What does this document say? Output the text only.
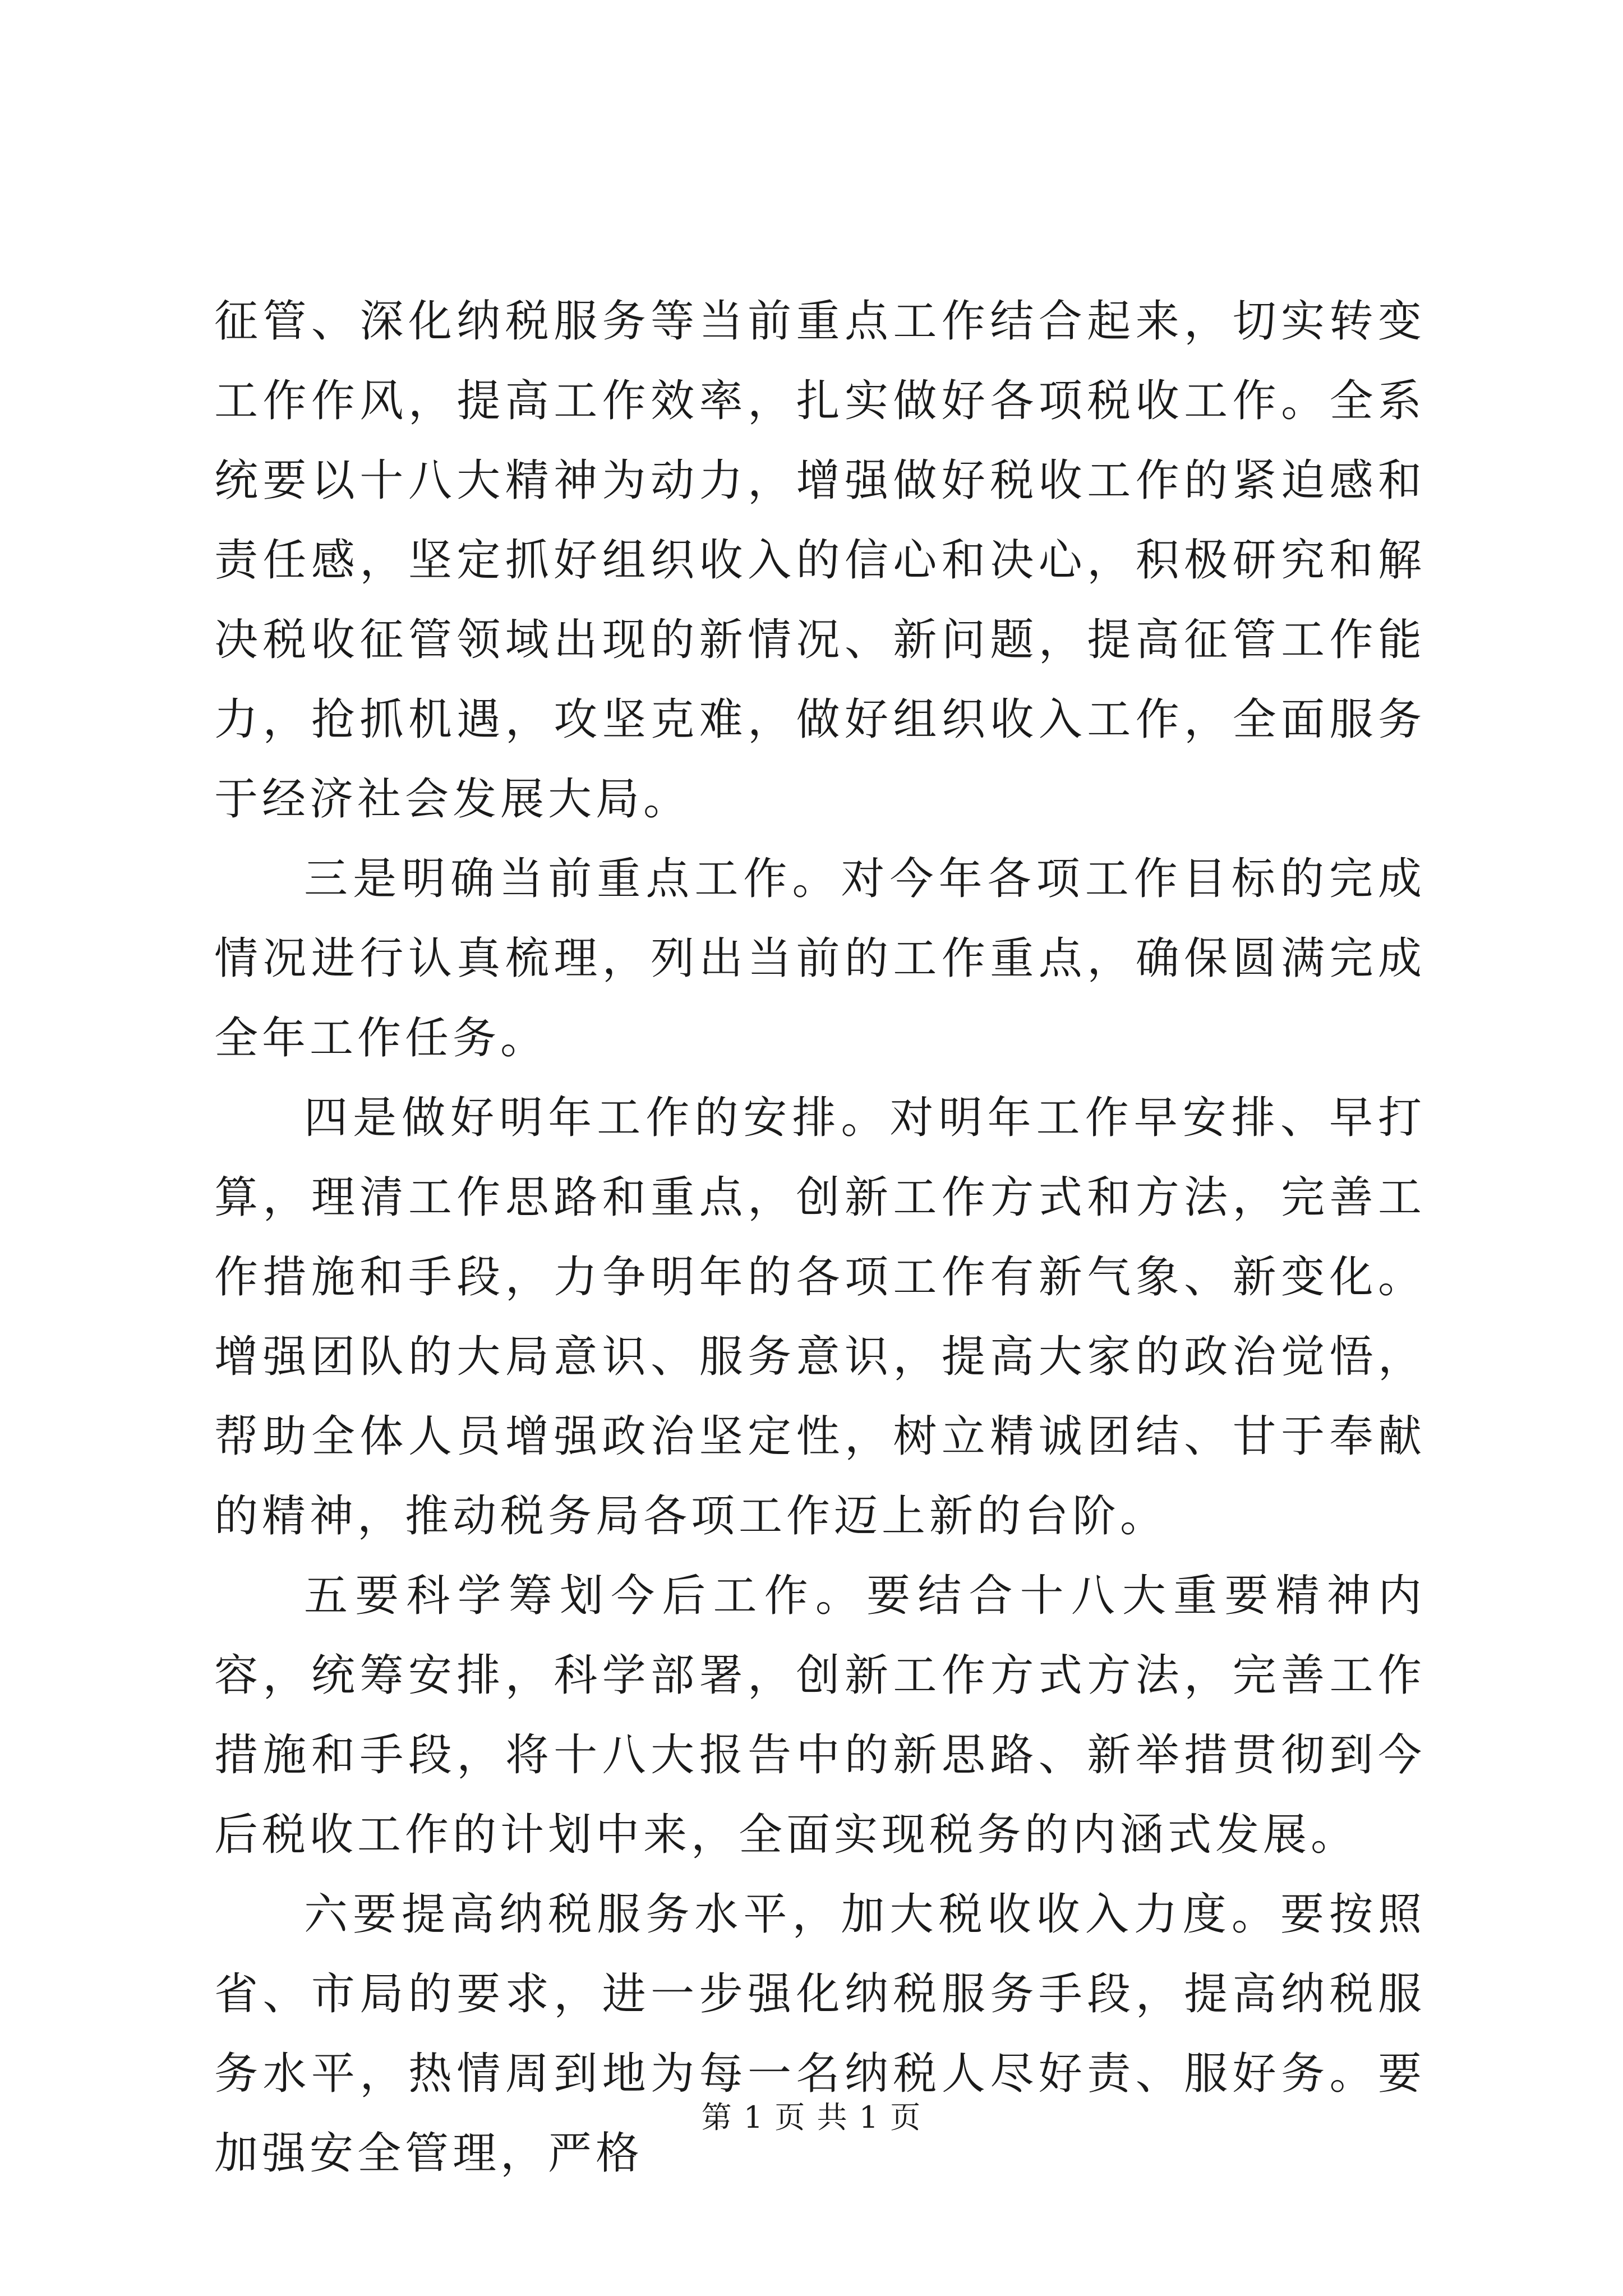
征管、深化纳税服务等当前重点工作结合起来，切实转变工作作风，提高工作效率，扎实做好各项税收工作。全系统要以十八大精神为动力，增强做好税收工作的紧迫感和责任感，坚定抓好组织收入的信心和决心，积极研究和解决税收征管领域出现的新情况、新问题，提高征管工作能力，抢抓机遇，攻坚克难，做好组织收入工作，全面服务于经济社会发展大局。

三是明确当前重点工作。对今年各项工作目标的完成情况进行认真梳理，列出当前的工作重点，确保圆满完成全年工作任务。

四是做好明年工作的安排。对明年工作早安排、早打算，理清工作思路和重点，创新工作方式和方法，完善工作措施和手段，力争明年的各项工作有新气象、新变化。增强团队的大局意识、服务意识，提高大家的政治觉悟，帮助全体人员增强政治坚定性，树立精诚团结、甘于奉献的精神，推动税务局各项工作迈上新的台阶。

五要科学筹划今后工作。要结合十八大重要精神内容，统筹安排，科学部署，创新工作方式方法，完善工作措施和手段，将十八大报告中的新思路、新举措贯彻到今后税收工作的计划中来，全面实现税务的内涵式发展。

六要提高纳税服务水平，加大税收收入力度。要按照省、市局的要求，进一步强化纳税服务手段，提高纳税服务水平，热情周到地为每一名纳税人尽好责、服好务。要加强安全管理，严格

第 1 页 共 1 页
